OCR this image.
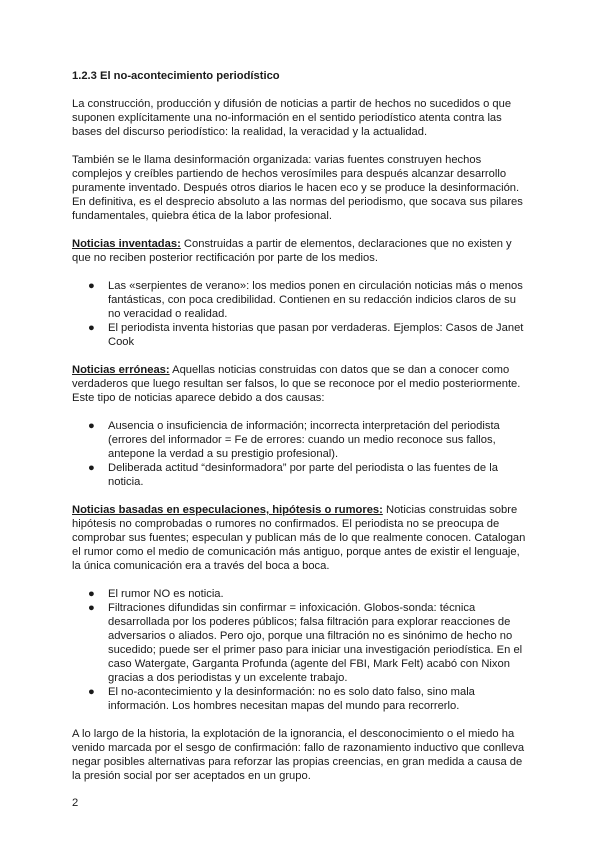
1.2.3 El no-acontecimiento periodístico

La construcción, producción y difusión de noticias a partir de hechos no sucedidos o que suponen explícitamente una no-información en el sentido periodístico atenta contra las bases del discurso periodístico: la realidad, la veracidad y la actualidad.

También se le llama desinformación organizada: varias fuentes construyen hechos complejos y creíbles partiendo de hechos verosímiles para después alcanzar desarrollo puramente inventado. Después otros diarios le hacen eco y se produce la desinformación. En definitiva, es el desprecio absoluto a las normas del periodismo, que socava sus pilares fundamentales, quiebra ética de la labor profesional.

Noticias inventadas: Construidas a partir de elementos, declaraciones que no existen y que no reciben posterior rectificación por parte de los medios.

● Las «serpientes de verano»: los medios ponen en circulación noticias más o menos fantásticas, con poca credibilidad. Contienen en su redacción indicios claros de su no veracidad o realidad.
● El periodista inventa historias que pasan por verdaderas. Ejemplos: Casos de Janet Cook

Noticias erróneas: Aquellas noticias construidas con datos que se dan a conocer como verdaderos que luego resultan ser falsos, lo que se reconoce por el medio posteriormente. Este tipo de noticias aparece debido a dos causas:

● Ausencia o insuficiencia de información; incorrecta interpretación del periodista (errores del informador = Fe de errores: cuando un medio reconoce sus fallos, antepone la verdad a su prestigio profesional).
● Deliberada actitud “desinformadora” por parte del periodista o las fuentes de la noticia.

Noticias basadas en especulaciones, hipótesis o rumores: Noticias construidas sobre hipótesis no comprobadas o rumores no confirmados. El periodista no se preocupa de comprobar sus fuentes; especulan y publican más de lo que realmente conocen. Catalogan el rumor como el medio de comunicación más antiguo, porque antes de existir el lenguaje, la única comunicación era a través del boca a boca.

● El rumor NO es noticia.
● Filtraciones difundidas sin confirmar = infoxicación. Globos-sonda: técnica desarrollada por los poderes públicos; falsa filtración para explorar reacciones de adversarios o aliados. Pero ojo, porque una filtración no es sinónimo de hecho no sucedido; puede ser el primer paso para iniciar una investigación periodística. En el caso Watergate, Garganta Profunda (agente del FBI, Mark Felt) acabó con Nixon gracias a dos periodistas y un excelente trabajo.
● El no-acontecimiento y la desinformación: no es solo dato falso, sino mala información. Los hombres necesitan mapas del mundo para recorrerlo.

A lo largo de la historia, la explotación de la ignorancia, el desconocimiento o el miedo ha venido marcada por el sesgo de confirmación: fallo de razonamiento inductivo que conlleva negar posibles alternativas para reforzar las propias creencias, en gran medida a causa de la presión social por ser aceptados en un grupo.

2
